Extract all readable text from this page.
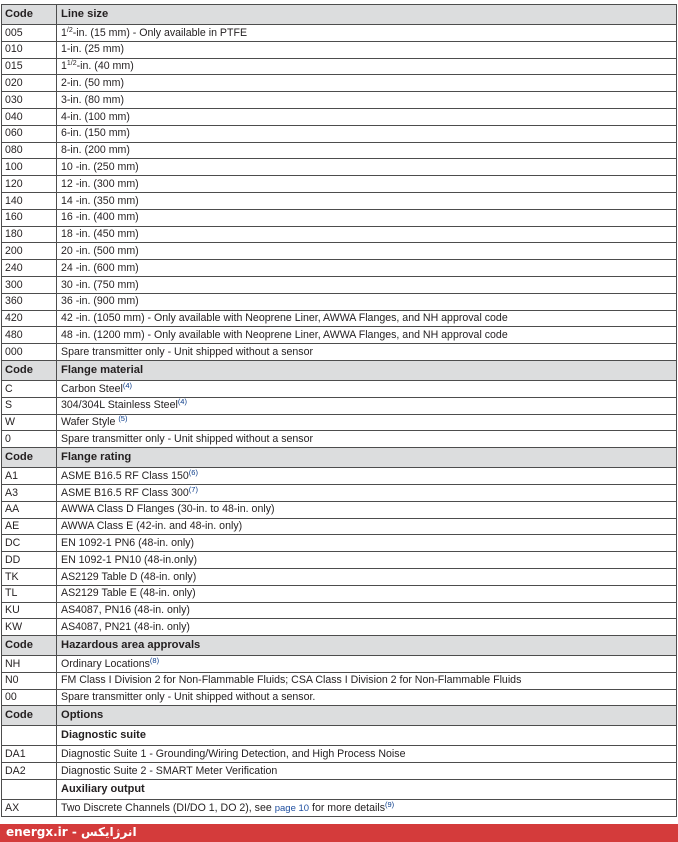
Code	Line size
005	$1^{/2}-in$. (15 mm) - Only available in PTFE
010	1-in. (25 mm)
015	$1^{1/2}-in$. (40 mm)
020	2-in. (50 mm)
030	3-in. (80 mm)
040	4-in. (100 mm)
060	6-in. (150 mm)
080	8-in. (200 mm)
100	10 -in. (250 mm)
120	12 -in. (300 mm)
140	14 -in. (350 mm)
160	16 -in. (400 mm)
180	18 -in. (450 mm)
200	20 -in. (500 mm)
240	24 -in. (600 mm)
300	30 -in. (750 mm)
360	36 -in. (900 mm)
420	42 -in. (1050 mm) - Only available with Neoprene Liner, AWWA Flanges, and NH approval code
480	48 -in. (1200 mm) - Only available with Neoprene Liner, AWWA Flanges, and NH approval code
000	Spare transmitter only - Unit shipped without a sensor
Code	Flange material
C	Carbon Steel$^{(4)}$
S	304/304L Stainless Steel$^{(4)}$
W	Wafer Style $^{(5)}$
0	Spare transmitter only - Unit shipped without a sensor
Code	Flange rating
A1	ASME B16.5 RF Class 150$^{(6)}$
A3	ASME B16.5 RF Class 300$^{(7)}$
AA	AWWA Class D Flanges (30-in. to 48-in. only)
AE	AWWA Class E (42-in. and 48-in. only)
DC	EN 1092-1 PN6 (48-in. only)
DD	EN 1092-1 PN10 (48-in.only)
TK	AS2129 Table D (48-in. only)
TL	AS2129 Table E (48-in. only)
KU	AS4087, PN16 (48-in. only)
KW	AS4087, PN21 (48-in. only)
Code	Hazardous area approvals
NH	Ordinary Locations$^{(8)}$
N0	FM Class I Division 2 for Non-Flammable Fluids; CSA Class I Division 2 for Non-Flammable Fluids
00	Spare transmitter only - Unit shipped without a sensor.
Code	Options
	Diagnostic suite
DA1	Diagnostic Suite 1 - Grounding/Wiring Detection, and High Process Noise
DA2	Diagnostic Suite 2 - SMART Meter Verification
	Auxiliary output
AX	Two Discrete Channels (DI/DO 1, DO 2), see page 10 for more details$^{(9)}$
energx.ir - انرژایکس
